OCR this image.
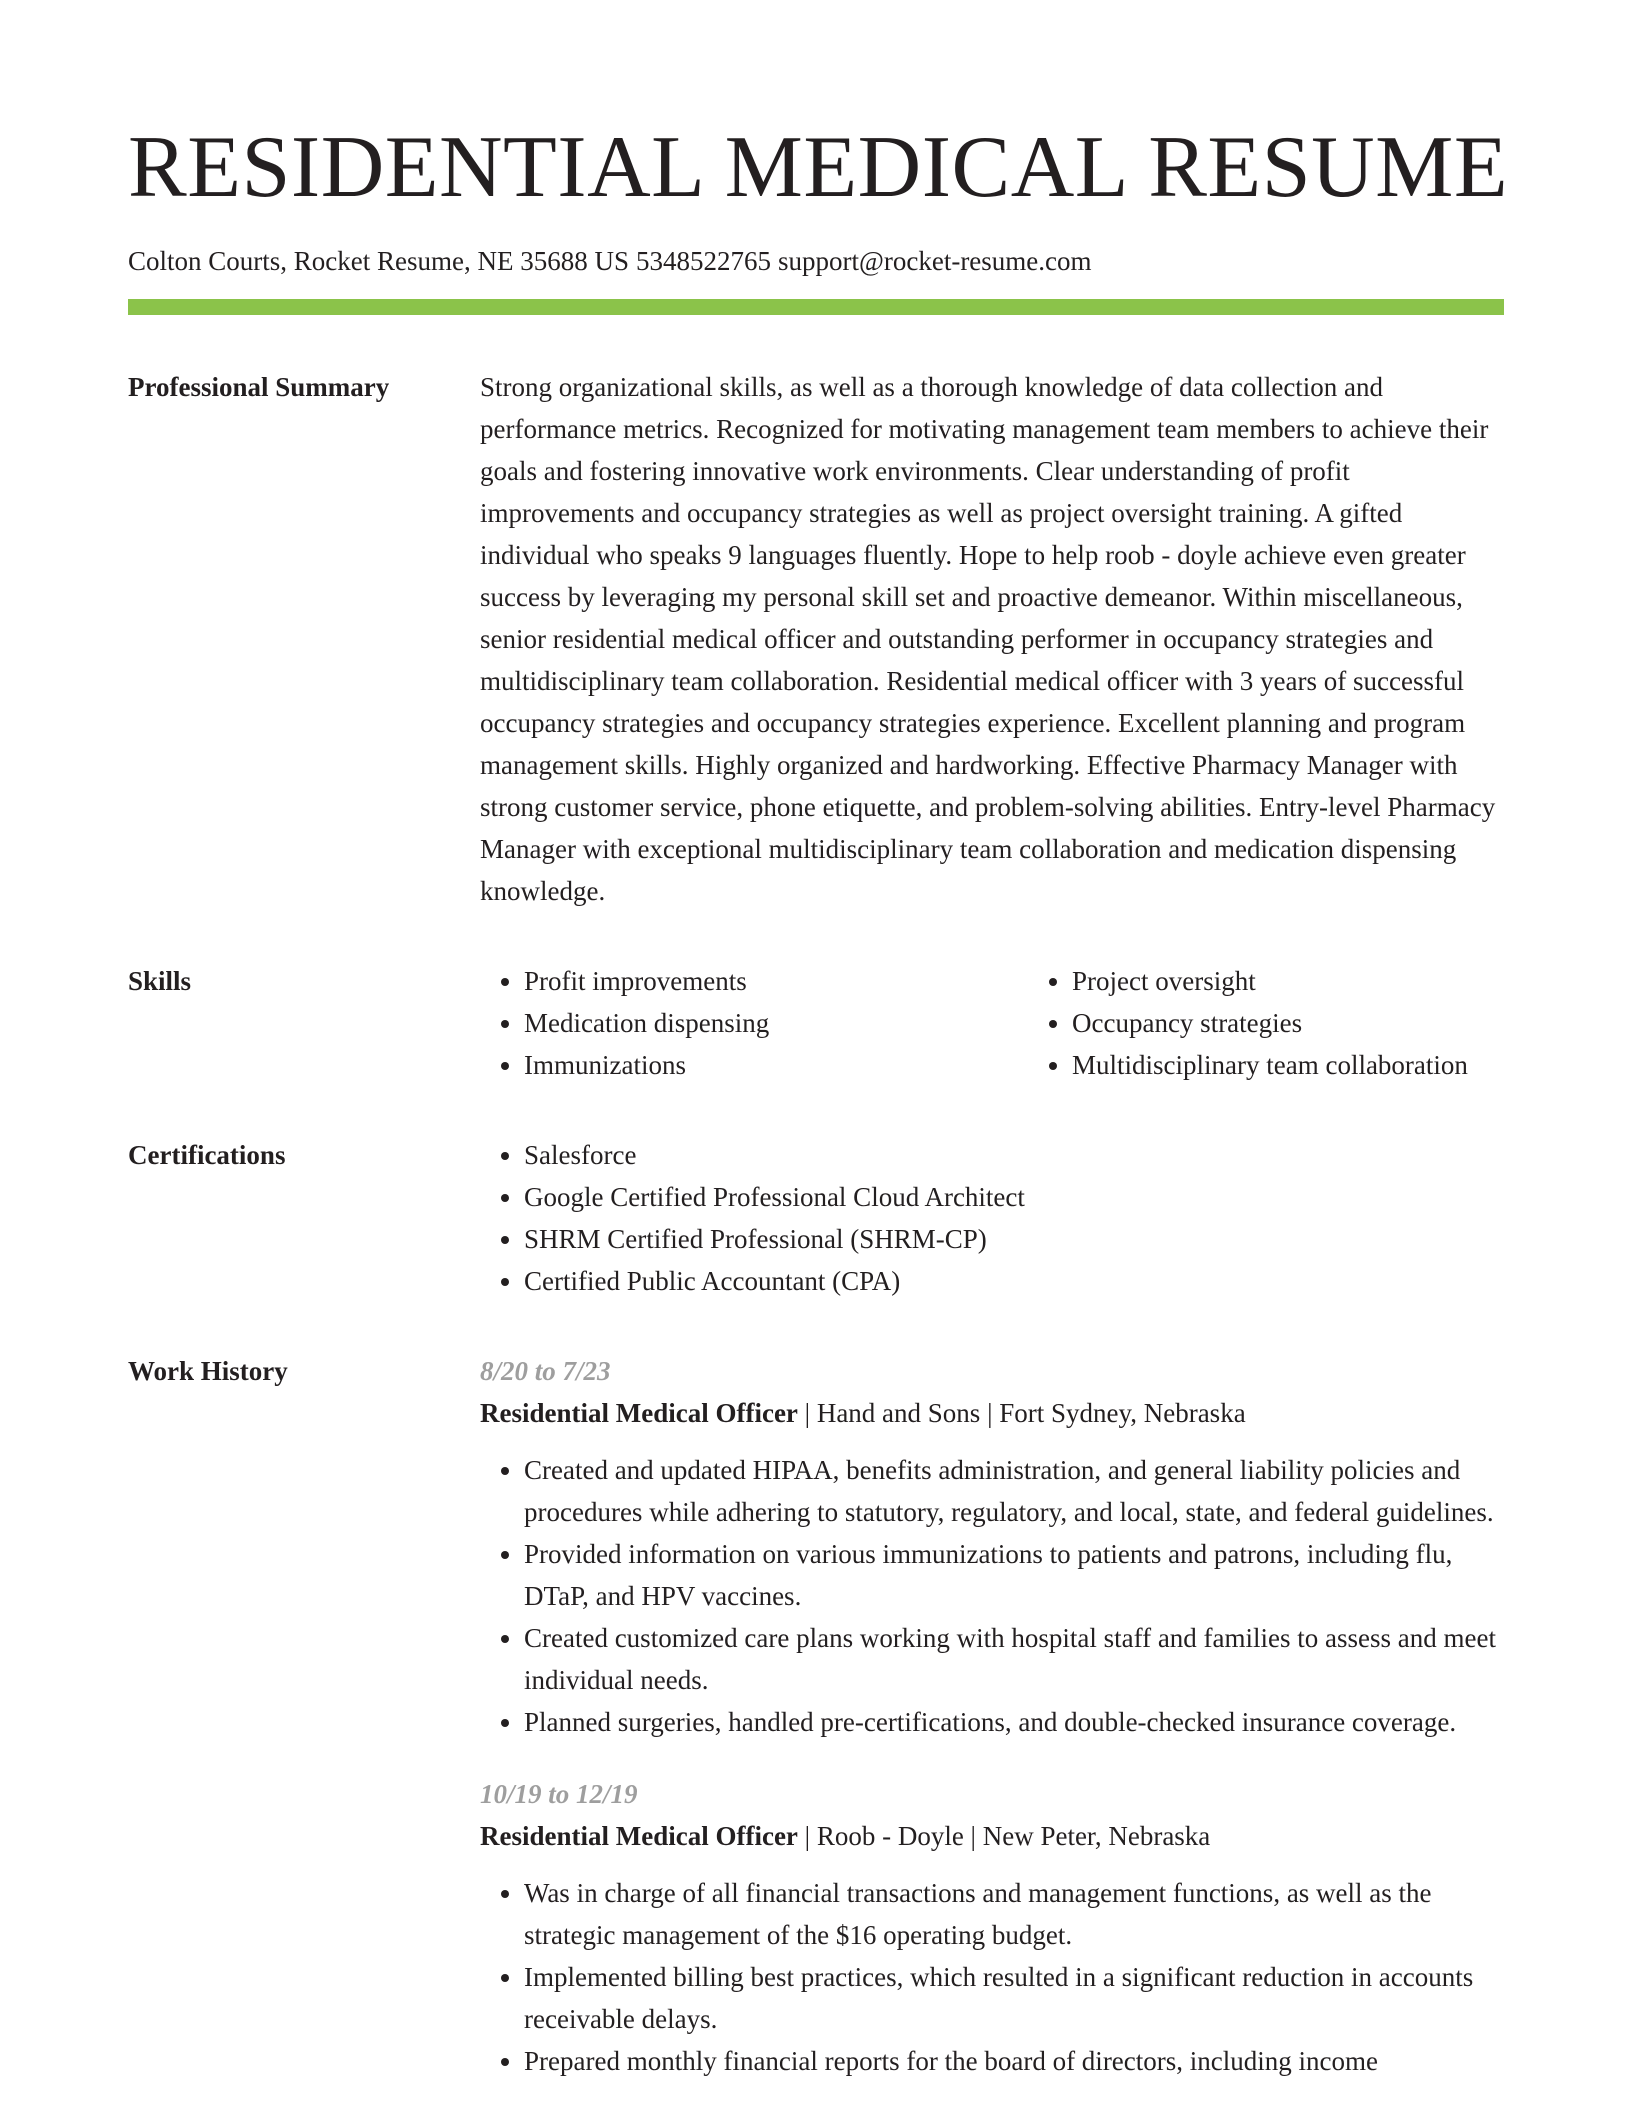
RESIDENTIAL MEDICAL RESUME
Colton Courts, Rocket Resume, NE 35688 US 5348522765 support@rocket-resume.com
Professional Summary	Strong organizational skills, as well as a thorough knowledge of data collection and performance metrics. Recognized for motivating management team members to achieve their goals and fostering innovative work environments. Clear understanding of profit improvements and occupancy strategies as well as project oversight training. A gifted individual who speaks 9 languages fluently. Hope to help roob - doyle achieve even greater success by leveraging my personal skill set and proactive demeanor. Within miscellaneous, senior residential medical officer and outstanding performer in occupancy strategies and multidisciplinary team collaboration. Residential medical officer with 3 years of successful occupancy strategies and occupancy strategies experience. Excellent planning and program management skills. Highly organized and hardworking. Effective Pharmacy Manager with strong customer service, phone etiquette, and problem-solving abilities. Entry-level Pharmacy Manager with exceptional multidisciplinary team collaboration and medication dispensing knowledge.

Skills	• Profit improvements
• Medication dispensing
• Immunizations
• Project oversight
• Occupancy strategies
• Multidisciplinary team collaboration
Certifications	• Salesforce
• Google Certified Professional Cloud Architect
• SHRM Certified Professional (SHRM-CP)
• Certified Public Accountant (CPA)
Work History	8/20 to 7/23
Residential Medical Officer | Hand and Sons | Fort Sydney, Nebraska
• Created and updated HIPAA, benefits administration, and general liability policies and procedures while adhering to statutory, regulatory, and local, state, and federal guidelines.
• Provided information on various immunizations to patients and patrons, including flu, DTaP, and HPV vaccines.
• Created customized care plans working with hospital staff and families to assess and meet individual needs.
• Planned surgeries, handled pre-certifications, and double-checked insurance coverage.
10/19 to 12/19
Residential Medical Officer | Roob - Doyle | New Peter, Nebraska
• Was in charge of all financial transactions and management functions, as well as the strategic management of the $16 operating budget.
• Implemented billing best practices, which resulted in a significant reduction in accounts receivable delays.
• Prepared monthly financial reports for the board of directors, including income
